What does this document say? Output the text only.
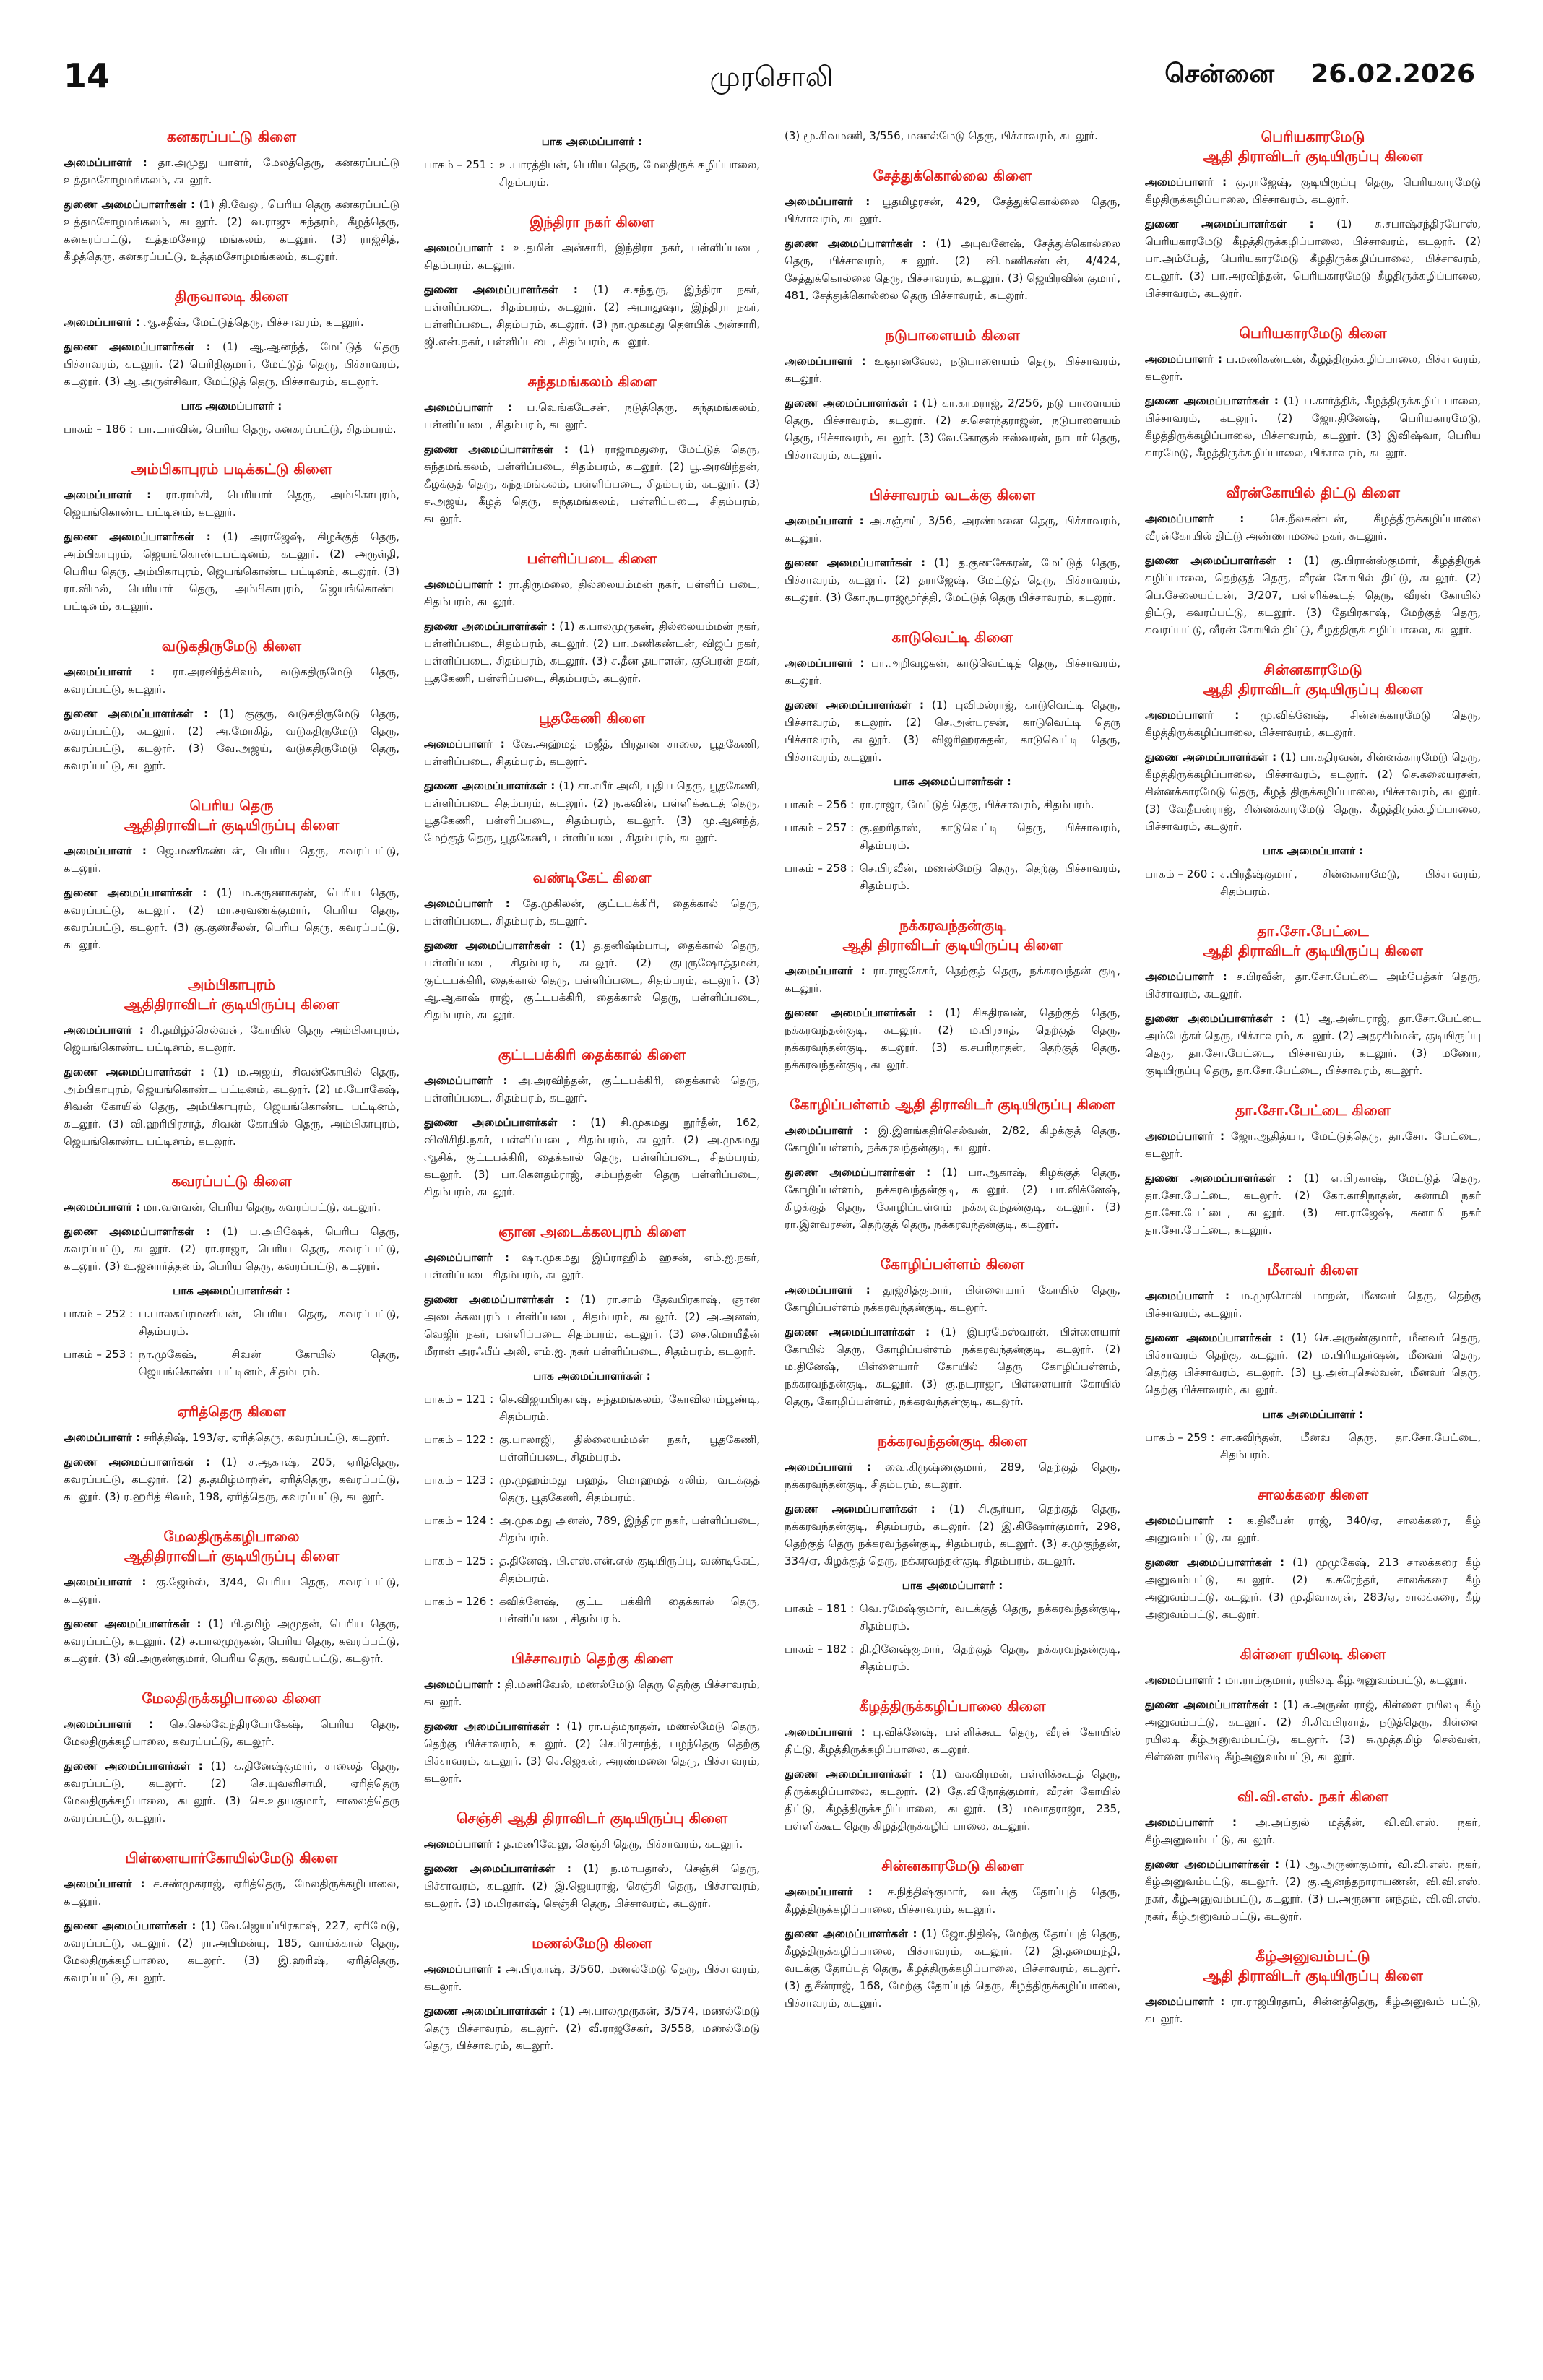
14	முரசொலி	சென்னை 26.02.2026
கனகரப்பட்டு கிளை

அமைப்பாளர் : தா.அமுது யாளர், மேலத்தெரு, கனகரப்பட்டு உத்தமசோழமங்கலம், கடலூர்.

துணை அமைப்பாளர்கள் : (1) தி.வேலு, பெரிய தெரு கனகரப்பட்டு உத்தமசோழமங்கலம், கடலூர். (2) வ.ராஜு சுந்தரம், கீழத்தெரு, கனகரப்பட்டு, உத்தமசோழ மங்கலம், கடலூர். (3) ராஜ்சித், கீழத்தெரு, கனகரப்பட்டு, உத்தமசோழமங்கலம், கடலூர்.

திருவாலடி கிளை

அமைப்பாளர் : ஆ.சதீஷ், மேட்டுத்தெரு, பிச்சாவரம், கடலூர்.

துணை அமைப்பாளர்கள் : (1) ஆ.ஆனந்த், மேட்டுத் தெரு பிச்சாவரம், கடலூர். (2) பெரிதிகுமார், மேட்டுத் தெரு, பிச்சாவரம், கடலூர். (3) ஆ.அருள்சிவா, மேட்டுத் தெரு, பிச்சாவரம், கடலூர்.

பாக அமைப்பாளர் :
பாகம் – 186 : பா.டார்வின், பெரிய தெரு, கனகரப்பட்டு, சிதம்பரம்.
அம்பிகாபுரம் படிக்கட்டு கிளை

அமைப்பாளர் : ரா.ராம்கி, பெரியார் தெரு, அம்பிகாபுரம், ஜெயங்கொண்ட பட்டினம், கடலூர்.

துணை அமைப்பாளர்கள் : (1) அராஜேஷ், கிழக்குத் தெரு, அம்பிகாபுரம், ஜெயங்கொண்டபட்டினம், கடலூர். (2) அருள்தி, பெரிய தெரு, அம்பிகாபுரம், ஜெயங்கொண்ட பட்டினம், கடலூர். (3) ரா.விமல், பெரியார் தெரு, அம்பிகாபுரம், ஜெயங்கொண்ட பட்டினம், கடலூர்.

வடுகதிருமேடு கிளை

அமைப்பாளர் : ரா.அரவிந்த்சிவம், வடுகதிருமேடு தெரு, கவரப்பட்டு, கடலூர்.

துணை அமைப்பாளர்கள் : (1) குகுரு, வடுகதிருமேடு தெரு, கவரப்பட்டு, கடலூர். (2) அ.மோகித், வடுகதிருமேடு தெரு, கவரப்பட்டு, கடலூர். (3) வே.அஜய், வடுகதிருமேடு தெரு, கவரப்பட்டு, கடலூர்.

பெரிய தெரு
ஆதிதிராவிடர் குடியிருப்பு கிளை

அமைப்பாளர் : ஜெ.மணிகண்டன், பெரிய தெரு, கவரப்பட்டு, கடலூர்.

துணை அமைப்பாளர்கள் : (1) ம.கருணாகரன், பெரிய தெரு, கவரப்பட்டு, கடலூர். (2) மா.சரவணக்குமார், பெரிய தெரு, கவரப்பட்டு, கடலூர். (3) கு.குணசீலன், பெரிய தெரு, கவரப்பட்டு, கடலூர்.

அம்பிகாபுரம்
ஆதிதிராவிடர் குடியிருப்பு கிளை

அமைப்பாளர் : சி.தமிழ்ச்செல்வன், கோயில் தெரு அம்பிகாபுரம், ஜெயங்கொண்ட பட்டினம், கடலூர்.

துணை அமைப்பாளர்கள் : (1) ம.அஜய், சிவன்கோயில் தெரு, அம்பிகாபுரம், ஜெயங்கொண்ட பட்டினம், கடலூர். (2) ம.யோகேஷ், சிவன் கோயில் தெரு, அம்பிகாபுரம், ஜெயங்கொண்ட பட்டினம், கடலூர். (3) வி.ஹரிபிரசாத், சிவன் கோயில் தெரு, அம்பிகாபுரம், ஜெயங்கொண்ட பட்டினம், கடலூர்.

கவரப்பட்டு கிளை

அமைப்பாளர் : மா.வளவன், பெரிய தெரு, கவரப்பட்டு, கடலூர்.

துணை அமைப்பாளர்கள் : (1) ப.அபிஷேக், பெரிய தெரு, கவரப்பட்டு, கடலூர். (2) ரா.ராஜா, பெரிய தெரு, கவரப்பட்டு, கடலூர். (3) உ.ஜனார்த்தனம், பெரிய தெரு, கவரப்பட்டு, கடலூர்.

பாக அமைப்பாளர்கள் :
பாகம் – 252 : ப.பாலசுப்ரமணியன், பெரிய தெரு, கவரப்பட்டு, சிதம்பரம்.
பாகம் – 253 : நா.முகேஷ், சிவன் கோயில் தெரு, ஜெயங்கொண்டபட்டினம், சிதம்பரம்.
ஏரித்தெரு கிளை

அமைப்பாளர் : சரித்திஷ், 193/ஏ, ஏரித்தெரு, கவரப்பட்டு, கடலூர்.

துணை அமைப்பாளர்கள் : (1) ச.ஆகாஷ், 205, ஏரித்தெரு, கவரப்பட்டு, கடலூர். (2) த.தமிழ்மாறன், ஏரித்தெரு, கவரப்பட்டு, கடலூர். (3) ர.ஹரித் சிவம், 198, ஏரித்தெரு, கவரப்பட்டு, கடலூர்.

மேலதிருக்கழிபாலை
ஆதிதிராவிடர் குடியிருப்பு கிளை

அமைப்பாளர் : கு.ஜேம்ஸ், 3/44, பெரிய தெரு, கவரப்பட்டு, கடலூர்.

துணை அமைப்பாளர்கள் : (1) பி.தமிழ் அமுதன், பெரிய தெரு, கவரப்பட்டு, கடலூர். (2) ச.பாலமுருகன், பெரிய தெரு, கவரப்பட்டு, கடலூர். (3) வி.அருண்குமார், பெரிய தெரு, கவரப்பட்டு, கடலூர்.

மேலதிருக்கழிபாலை கிளை

அமைப்பாளர் : செ.செல்வேந்திரயோகேஷ், பெரிய தெரு, மேலதிருக்கழிபாலை, கவரப்பட்டு, கடலூர்.

துணை அமைப்பாளர்கள் : (1) க.தினேஷ்குமார், சாலைத் தெரு, கவரப்பட்டு, கடலூர். (2) செ.யுவனிசாமி, ஏரித்தெரு மேலதிருக்கழிபாலை, கடலூர். (3) செ.உதயகுமார், சாலைத்தெரு கவரப்பட்டு, கடலூர்.

பிள்ளையார்கோயில்மேடு கிளை

அமைப்பாளர் : ச.சண்முகராஜ், ஏரித்தெரு, மேலதிருக்கழிபாலை, கடலூர்.

துணை அமைப்பாளர்கள் : (1) வே.ஜெயப்பிரகாஷ், 227, ஏரிமேடு, கவரப்பட்டு, கடலூர். (2) ரா.அபிமன்யு, 185, வாய்க்கால் தெரு, மேலதிருக்கழிபாலை, கடலூர். (3) இ.ஹரிஷ், ஏரித்தெரு, கவரப்பட்டு, கடலூர்.

பாக அமைப்பாளர் :
பாகம் – 251 : உ.பாரத்திபன், பெரிய தெரு, மேலதிருக் கழிப்பாலை, சிதம்பரம்.
இந்திரா நகர் கிளை

அமைப்பாளர் : உ.தமிள் அன்சாரி, இந்திரா நகர், பள்ளிப்படை, சிதம்பரம், கடலூர்.

துணை அமைப்பாளர்கள் : (1) ச.சந்துரு, இந்திரா நகர், பள்ளிப்படை, சிதம்பரம், கடலூர். (2) அபாதுஷா, இந்திரா நகர், பள்ளிப்படை, சிதம்பரம், கடலூர். (3) நா.முகமது தௌபிக் அன்சாரி, ஜி.என்.நகர், பள்ளிப்படை, சிதம்பரம், கடலூர்.

சுந்தமங்கலம் கிளை

அமைப்பாளர் : ப.வெங்கடேசன், நடுத்தெரு, சுந்தமங்கலம், பள்ளிப்படை, சிதம்பரம், கடலூர்.

துணை அமைப்பாளர்கள் : (1) ராஜாமதுரை, மேட்டுத் தெரு, சுந்தமங்கலம், பள்ளிப்படை, சிதம்பரம், கடலூர். (2) பூ.அரவிந்தன், கீழக்குத் தெரு, சுந்தமங்கலம், பள்ளிப்படை, சிதம்பரம், கடலூர். (3) ச.அஜய், கீழத் தெரு, சுந்தமங்கலம், பள்ளிப்படை, சிதம்பரம், கடலூர்.

பள்ளிப்படை கிளை

அமைப்பாளர் : ரா.திருமலை, தில்லையம்மன் நகர், பள்ளிப் படை, சிதம்பரம், கடலூர்.

துணை அமைப்பாளர்கள் : (1) க.பாலமுருகன், தில்லையம்மன் நகர், பள்ளிப்படை, சிதம்பரம், கடலூர். (2) பா.மணிகண்டன், விஜய் நகர், பள்ளிப்படை, சிதம்பரம், கடலூர். (3) ச.தீன தயாளன், குபேரன் நகர், பூதகேணி, பள்ளிப்படை, சிதம்பரம், கடலூர்.

பூதகேணி கிளை

அமைப்பாளர் : ஷே.அஹ்மத் மஜீத், பிரதான சாலை, பூதகேணி, பள்ளிப்படை, சிதம்பரம், கடலூர்.

துணை அமைப்பாளர்கள் : (1) சா.சபீர் அலி, புதிய தெரு, பூதகேணி, பள்ளிப்படை சிதம்பரம், கடலூர். (2) ந.கவின், பள்ளிக்கூடத் தெரு, பூதகேணி, பள்ளிப்படை, சிதம்பரம், கடலூர். (3) மு.ஆனந்த், மேற்குத் தெரு, பூதகேணி, பள்ளிப்படை, சிதம்பரம், கடலூர்.

வண்டிகேட் கிளை

அமைப்பாளர் : தே.முகிலன், குட்டபக்கிரி, தைக்கால் தெரு, பள்ளிப்படை, சிதம்பரம், கடலூர்.

துணை அமைப்பாளர்கள் : (1) த.தனிஷ்ம்பாபு, தைக்கால் தெரு, பள்ளிப்படை, சிதம்பரம், கடலூர். (2) குபுருஷோத்தமன், குட்டபக்கிரி, தைக்கால் தெரு, பள்ளிப்படை, சிதம்பரம், கடலூர். (3) ஆ.ஆகாஷ் ராஜ், குட்டபக்கிரி, தைக்கால் தெரு, பள்ளிப்படை, சிதம்பரம், கடலூர்.

குட்டபக்கிரி தைக்கால் கிளை

அமைப்பாளர் : அ.அரவிந்தன், குட்டபக்கிரி, தைக்கால் தெரு, பள்ளிப்படை, சிதம்பரம், கடலூர்.

துணை அமைப்பாளர்கள் : (1) சி.முகமது நூர்தீன், 162, விவிசிநி.நகர், பள்ளிப்படை, சிதம்பரம், கடலூர். (2) அ.முகமது ஆசிக், குட்டபக்கிரி, தைக்கால் தெரு, பள்ளிப்படை, சிதம்பரம், கடலூர். (3) பா.கௌதம்ராஜ், சம்பந்தன் தெரு பள்ளிப்படை, சிதம்பரம், கடலூர்.

ஞான அடைக்கலபுரம் கிளை

அமைப்பாளர் : ஷா.முகமது இப்ராஹிம் ஹசன், எம்.ஐ.நகர், பள்ளிப்படை சிதம்பரம், கடலூர்.

துணை அமைப்பாளர்கள் : (1) ரா.சாம் தேவபிரகாஷ், ஞான அடைக்கலபுரம் பள்ளிப்படை, சிதம்பரம், கடலூர். (2) அ.அனஸ், வெஜிர் நகர், பள்ளிப்படை சிதம்பரம், கடலூர். (3) சை.மொயீதீன் மீரான் அரஃபீப் அலி, எம்.ஐ. நகர் பள்ளிப்படை, சிதம்பரம், கடலூர்.

பாக அமைப்பாளர்கள் :
பாகம் – 121 : செ.விஜயபிரகாஷ், சுந்தமங்கலம், கோவிலாம்பூண்டி, சிதம்பரம்.
பாகம் – 122 : கு.பாலாஜி, தில்லையம்மன் நகர், பூதகேணி, பள்ளிப்படை, சிதம்பரம்.
பாகம் – 123 : மு.முஹம்மது பஹத், மொஹமத் சலிம், வடக்குத் தெரு, பூதகேணி, சிதம்பரம்.
பாகம் – 124 : அ.முகமது அனஸ், 789, இந்திரா நகர், பள்ளிப்படை, சிதம்பரம்.
பாகம் – 125 : த.தினேஷ், பி.எஸ்.என்.எல் குடியிருப்பு, வண்டிகேட், சிதம்பரம்.
பாகம் – 126 : கவிக்னேஷ், குட்ட பக்கிரி தைக்கால் தெரு, பள்ளிப்படை, சிதம்பரம்.
பிச்சாவரம் தெற்கு கிளை

அமைப்பாளர் : தி.மணிவேல், மணல்மேடு தெரு தெற்கு பிச்சாவரம், கடலூர்.

துணை அமைப்பாளர்கள் : (1) ரா.பத்மநாதன், மணல்மேடு தெரு, தெற்கு பிச்சாவரம், கடலூர். (2) செ.பிரசாந்த், பழந்தெரு தெற்கு பிச்சாவரம், கடலூர். (3) செ.ஜெகன், அரண்மனை தெரு, பிச்சாவரம், கடலூர்.

செஞ்சி ஆதி திராவிடர் குடியிருப்பு கிளை

அமைப்பாளர் : த.மணிவேலு, செஞ்சி தெரு, பிச்சாவரம், கடலூர்.

துணை அமைப்பாளர்கள் : (1) ந.மாயதாஸ், செஞ்சி தெரு, பிச்சாவரம், கடலூர். (2) இ.ஜெயராஜ், செஞ்சி தெரு, பிச்சாவரம், கடலூர். (3) ம.பிரகாஷ், செஞ்சி தெரு, பிச்சாவரம், கடலூர்.

மணல்மேடு கிளை

அமைப்பாளர் : அ.பிரகாஷ், 3/560, மணல்மேடு தெரு, பிச்சாவரம், கடலூர்.

துணை அமைப்பாளர்கள் : (1) அ.பாலமுருகன், 3/574, மணல்மேடு தெரு பிச்சாவரம், கடலூர். (2) வீ.ராஜசேகர், 3/558, மணல்மேடு தெரு, பிச்சாவரம், கடலூர்.

(3) மூ.சிவமணி, 3/556, மணல்மேடு தெரு, பிச்சாவரம், கடலூர்.

சேத்துக்கொல்லை கிளை

அமைப்பாளர் : பூதமிழரசன், 429, சேத்துக்கொல்லை தெரு, பிச்சாவரம், கடலூர்.

துணை அமைப்பாளர்கள் : (1) அபுவனேஷ், சேத்துக்கொல்லை தெரு, பிச்சாவரம், கடலூர். (2) வி.மணிகண்டன், 4/424, சேத்துக்கொல்லை தெரு, பிச்சாவரம், கடலூர். (3) ஜெயிரவின் குமார், 481, சேத்துக்கொல்லை தெரு பிச்சாவரம், கடலூர்.

நடுபாளையம் கிளை

அமைப்பாளர் : உஞானவேல, நடுபாளையம் தெரு, பிச்சாவரம், கடலூர்.

துணை அமைப்பாளர்கள் : (1) கா.காமராஜ், 2/256, நடு பாளையம் தெரு, பிச்சாவரம், கடலூர். (2) ச.சௌந்தராஜன், நடுபாளையம் தெரு, பிச்சாவரம், கடலூர். (3) வே.கோகுல் ஈஸ்வரன், நாடார் தெரு, பிச்சாவரம், கடலூர்.

பிச்சாவரம் வடக்கு கிளை

அமைப்பாளர் : அ.சஞ்சய், 3/56, அரண்மனை தெரு, பிச்சாவரம், கடலூர்.

துணை அமைப்பாளர்கள் : (1) த.குணசேகரன், மேட்டுத் தெரு, பிச்சாவரம், கடலூர். (2) தராஜேஷ், மேட்டுத் தெரு, பிச்சாவரம், கடலூர். (3) கோ.நடராஜமூர்த்தி, மேட்டுத் தெரு பிச்சாவரம், கடலூர்.

காடுவெட்டி கிளை

அமைப்பாளர் : பா.அறிவழகன், காடுவெட்டித் தெரு, பிச்சாவரம், கடலூர்.

துணை அமைப்பாளர்கள் : (1) புவிமல்ராஜ், காடுவெட்டி தெரு, பிச்சாவரம், கடலூர். (2) செ.அன்பரசன், காடுவெட்டி தெரு பிச்சாவரம், கடலூர். (3) விஜரிஹரசுதன், காடுவெட்டி தெரு, பிச்சாவரம், கடலூர்.

பாக அமைப்பாளர்கள் :
பாகம் – 256 : ரா.ராஜா, மேட்டுத் தெரு, பிச்சாவரம், சிதம்பரம்.
பாகம் – 257 : கு.ஹரிதாஸ், காடுவெட்டி தெரு, பிச்சாவரம், சிதம்பரம்.
பாகம் – 258 : செ.பிரவீன், மணல்மேடு தெரு, தெற்கு பிச்சாவரம், சிதம்பரம்.
நக்கரவந்தன்குடி
ஆதி திராவிடர் குடியிருப்பு கிளை

அமைப்பாளர் : ரா.ராஜசேகர், தெற்குத் தெரு, நக்கரவந்தன் குடி, கடலூர்.

துணை அமைப்பாளர்கள் : (1) சிகதிரவன், தெற்குத் தெரு, நக்கரவந்தன்குடி, கடலூர். (2) ம.பிரசாத், தெற்குத் தெரு, நக்கரவந்தன்குடி, கடலூர். (3) க.சபரிநாதன், தெற்குத் தெரு, நக்கரவந்தன்குடி, கடலூர்.

கோழிப்பள்ளம் ஆதி திராவிடர் குடியிருப்பு கிளை

அமைப்பாளர் : இ.இளங்கதிர்செல்வன், 2/82, கிழக்குத் தெரு, கோழிப்பள்ளம், நக்கரவந்தன்குடி, கடலூர்.

துணை அமைப்பாளர்கள் : (1) பா.ஆகாஷ், கிழக்குத் தெரு, கோழிப்பள்ளம், நக்கரவந்தன்குடி, கடலூர். (2) பா.விக்னேஷ், கிழக்குத் தெரு, கோழிப்பள்ளம் நக்கரவந்தன்குடி, கடலூர். (3) ரா.இளவரசன், தெற்குத் தெரு, நக்கரவந்தன்குடி, கடலூர்.

கோழிப்பள்ளம் கிளை

அமைப்பாளர் : தூஜ்சித்குமார், பிள்ளையார் கோயில் தெரு, கோழிப்பள்ளம் நக்கரவந்தன்குடி, கடலூர்.

துணை அமைப்பாளர்கள் : (1) இபரமேஸ்வரன், பிள்ளையார் கோயில் தெரு, கோழிப்பள்ளம் நக்கரவந்தன்குடி, கடலூர். (2) ம.தினேஷ், பிள்ளையார் கோயில் தெரு கோழிப்பள்ளம், நக்கரவந்தன்குடி, கடலூர். (3) கு.நடராஜா, பிள்ளையார் கோயில் தெரு, கோழிப்பள்ளம், நக்கரவந்தன்குடி, கடலூர்.

நக்கரவந்தன்குடி கிளை

அமைப்பாளர் : வை.கிருஷ்ணகுமார், 289, தெற்குத் தெரு, நக்கரவந்தன்குடி, சிதம்பரம், கடலூர்.

துணை அமைப்பாளர்கள் : (1) சி.சூர்யா, தெற்குத் தெரு, நக்கரவந்தன்குடி, சிதம்பரம், கடலூர். (2) இ.கிஷோர்குமார், 298, தெற்குத் தெரு நக்கரவந்தன்குடி, சிதம்பரம், கடலூர். (3) ச.முகுந்தன், 334/ஏ, கிழக்குத் தெரு, நக்கரவந்தன்குடி சிதம்பரம், கடலூர்.

பாக அமைப்பாளர் :
பாகம் – 181 : வெ.ரமேஷ்குமார், வடக்குத் தெரு, நக்கரவந்தன்குடி, சிதம்பரம்.
பாகம் – 182 : தி.தினேஷ்குமார், தெற்குத் தெரு, நக்கரவந்தன்குடி, சிதம்பரம்.
கீழத்திருக்கழிப்பாலை கிளை

அமைப்பாளர் : பு.விக்னேஷ், பள்ளிக்கூட தெரு, வீரன் கோயில் திட்டு, கீழத்திருக்கழிப்பாலை, கடலூர்.

துணை அமைப்பாளர்கள் : (1) வசுவிரமன், பள்ளிக்கூடத் தெரு, திருக்கழிப்பாலை, கடலூர். (2) தே.விநோத்குமார், வீரன் கோயில் திட்டு, கீழத்திருக்கழிப்பாலை, கடலூர். (3) மவாதராஜா, 235, பள்ளிக்கூட தெரு கிழத்திருக்கழிப் பாலை, கடலூர்.

சின்னகாரமேடு கிளை

அமைப்பாளர் : ச.நித்திஷ்குமார், வடக்கு தோப்புத் தெரு, கீழத்திருக்கழிப்பாலை, பிச்சாவரம், கடலூர்.

துணை அமைப்பாளர்கள் : (1) ஜோ.நிதிஷ், மேற்கு தோப்புத் தெரு, கீழத்திருக்கழிப்பாலை, பிச்சாவரம், கடலூர். (2) இ.தமையந்தி, வடக்கு தோப்புத் தெரு, கீழத்திருக்கழிப்பாலை, பிச்சாவரம், கடலூர். (3) துசீன்ராஜ், 168, மேற்கு தோப்புத் தெரு, கீழத்திருக்கழிப்பாலை, பிச்சாவரம், கடலூர்.

பெரியகாரமேடு
ஆதி திராவிடர் குடியிருப்பு கிளை

அமைப்பாளர் : கு.ராஜேஷ், குடியிருப்பு தெரு, பெரியகாரமேடு கீழதிருக்கழிப்பாலை, பிச்சாவரம், கடலூர்.

துணை அமைப்பாளர்கள் : (1) சு.சபாஷ்சந்திரபோஸ், பெரியகாரமேடு கீழத்திருக்கழிப்பாலை, பிச்சாவரம், கடலூர். (2) பா.அம்பேத், பெரியகாரமேடு கீழதிருக்கழிப்பாலை, பிச்சாவரம், கடலூர். (3) பா.அரவிந்தன், பெரியகாரமேடு கீழதிருக்கழிப்பாலை, பிச்சாவரம், கடலூர்.

பெரியகாரமேடு கிளை

அமைப்பாளர் : ப.மணிகண்டன், கீழத்திருக்கழிப்பாலை, பிச்சாவரம், கடலூர்.

துணை அமைப்பாளர்கள் : (1) ப.கார்த்திக், கீழத்திருக்கழிப் பாலை, பிச்சாவரம், கடலூர். (2) ஜோ.தினேஷ், பெரியகாரமேடு, கீழத்திருக்கழிப்பாலை, பிச்சாவரம், கடலூர். (3) இவிஷ்வா, பெரிய காரமேடு, கீழத்திருக்கழிப்பாலை, பிச்சாவரம், கடலூர்.

வீரன்கோயில் திட்டு கிளை

அமைப்பாளர் : செ.நீலகண்டன், கீழத்திருக்கழிப்பாலை வீரன்கோயில் திட்டு அண்ணாமலை நகர், கடலூர்.

துணை அமைப்பாளர்கள் : (1) கு.பிரான்ஸ்குமார், கீழத்திருக் கழிப்பாலை, தெற்குத் தெரு, வீரன் கோயில் திட்டு, கடலூர். (2) பெ.சேலையப்பன், 3/207, பள்ளிக்கூடத் தெரு, வீரன் கோயில் திட்டு, கவரப்பட்டு, கடலூர். (3) தேபிரகாஷ், மேற்குத் தெரு, கவரப்பட்டு, வீரன் கோயில் திட்டு, கீழத்திருக் கழிப்பாலை, கடலூர்.

சின்னகாரமேடு
ஆதி திராவிடர் குடியிருப்பு கிளை

அமைப்பாளர் : மு.விக்னேஷ், சின்னக்காரமேடு தெரு, கீழத்திருக்கழிப்பாலை, பிச்சாவரம், கடலூர்.

துணை அமைப்பாளர்கள் : (1) பா.கதிரவன், சின்னக்காரமேடு தெரு, கீழத்திருக்கழிப்பாலை, பிச்சாவரம், கடலூர். (2) செ.கலையரசன், சின்னக்காரமேடு தெரு, கீழத் திருக்கழிப்பாலை, பிச்சாவரம், கடலூர். (3) வேதீபன்ராஜ், சின்னக்காரமேடு தெரு, கீழத்திருக்கழிப்பாலை, பிச்சாவரம், கடலூர்.

பாக அமைப்பாளர் :
பாகம் – 260 : ச.பிரதீஷ்குமார், சின்னகாரமேடு, பிச்சாவரம், சிதம்பரம்.
தா.சோ.பேட்டை
ஆதி திராவிடர் குடியிருப்பு கிளை

அமைப்பாளர் : ச.பிரவீன், தா.சோ.பேட்டை அம்பேத்கர் தெரு, பிச்சாவரம், கடலூர்.

துணை அமைப்பாளர்கள் : (1) ஆ.அன்புராஜ், தா.சோ.பேட்டை அம்பேத்கர் தெரு, பிச்சாவரம், கடலூர். (2) அதரசிம்மன், குடியிருப்பு தெரு, தா.சோ.பேட்டை, பிச்சாவரம், கடலூர். (3) மணோ, குடியிருப்பு தெரு, தா.சோ.பேட்டை, பிச்சாவரம், கடலூர்.

தா.சோ.பேட்டை கிளை

அமைப்பாளர் : ஜோ.ஆதித்யா, மேட்டுத்தெரு, தா.சோ. பேட்டை, கடலூர்.

துணை அமைப்பாளர்கள் : (1) எ.பிரகாஷ், மேட்டுத் தெரு, தா.சோ.பேட்டை, கடலூர். (2) கோ.காசிநாதன், சுனாமி நகர் தா.சோ.பேட்டை, கடலூர். (3) சா.ராஜேஷ், சுனாமி நகர் தா.சோ.பேட்டை, கடலூர்.

மீனவர் கிளை

அமைப்பாளர் : ம.முரசொலி மாறன், மீனவர் தெரு, தெற்கு பிச்சாவரம், கடலூர்.

துணை அமைப்பாளர்கள் : (1) செ.அருண்குமார், மீனவர் தெரு, பிச்சாவரம் தெற்கு, கடலூர். (2) ம.பிரியதர்ஷன், மீனவர் தெரு, தெற்கு பிச்சாவரம், கடலூர். (3) பூ.அன்புசெல்வன், மீனவர் தெரு, தெற்கு பிச்சாவரம், கடலூர்.

பாக அமைப்பாளர் :
பாகம் – 259 : சா.சுவிந்தன், மீனவ தெரு, தா.சோ.பேட்டை, சிதம்பரம்.
சாலக்கரை கிளை

அமைப்பாளர் : க.திலீபன் ராஜ், 340/ஏ, சாலக்கரை, கீழ் அனுவம்பட்டு, கடலூர்.

துணை அமைப்பாளர்கள் : (1) முமுகேஷ், 213 சாலக்கரை கீழ் அனுவம்பட்டு, கடலூர். (2) க.சுரேந்தர், சாலக்கரை கீழ் அனுவம்பட்டு, கடலூர். (3) மு.திவாகரன், 283/ஏ, சாலக்கரை, கீழ் அனுவம்பட்டு, கடலூர்.

கிள்ளை ரயிலடி கிளை

அமைப்பாளர் : மா.ராம்குமார், ரயிலடி கீழ்அனுவம்பட்டு, கடலூர்.

துணை அமைப்பாளர்கள் : (1) சு.அருண் ராஜ், கிள்ளை ரயிலடி கீழ் அனுவம்பட்டு, கடலூர். (2) சி.சிவபிரசாத், நடுத்தெரு, கிள்ளை ரயிலடி கீழ்அனுவம்பட்டு, கடலூர். (3) சு.முத்தமிழ் செல்வன், கிள்ளை ரயிலடி கீழ்அனுவம்பட்டு, கடலூர்.

வி.வி.எஸ். நகர் கிளை

அமைப்பாளர் : அ.அப்துல் மத்தீன், வி.வி.எஸ். நகர், கீழ்அனுவம்பட்டு, கடலூர்.

துணை அமைப்பாளர்கள் : (1) ஆ.அருண்குமார், வி.வி.எஸ். நகர், கீழ்அனுவம்பட்டு, கடலூர். (2) கு.ஆனந்தநாராயணன், வி.வி.எஸ். நகர், கீழ்அனுவம்பட்டு, கடலூர். (3) ப.அருணா னந்தம், வி.வி.எஸ். நகர், கீழ்அனுவம்பட்டு, கடலூர்.

கீழ்அனுவம்பட்டு
ஆதி திராவிடர் குடியிருப்பு கிளை

அமைப்பாளர் : ரா.ராஜபிரதாப், சின்னத்தெரு, கீழ்அனுவம் பட்டு, கடலூர்.
